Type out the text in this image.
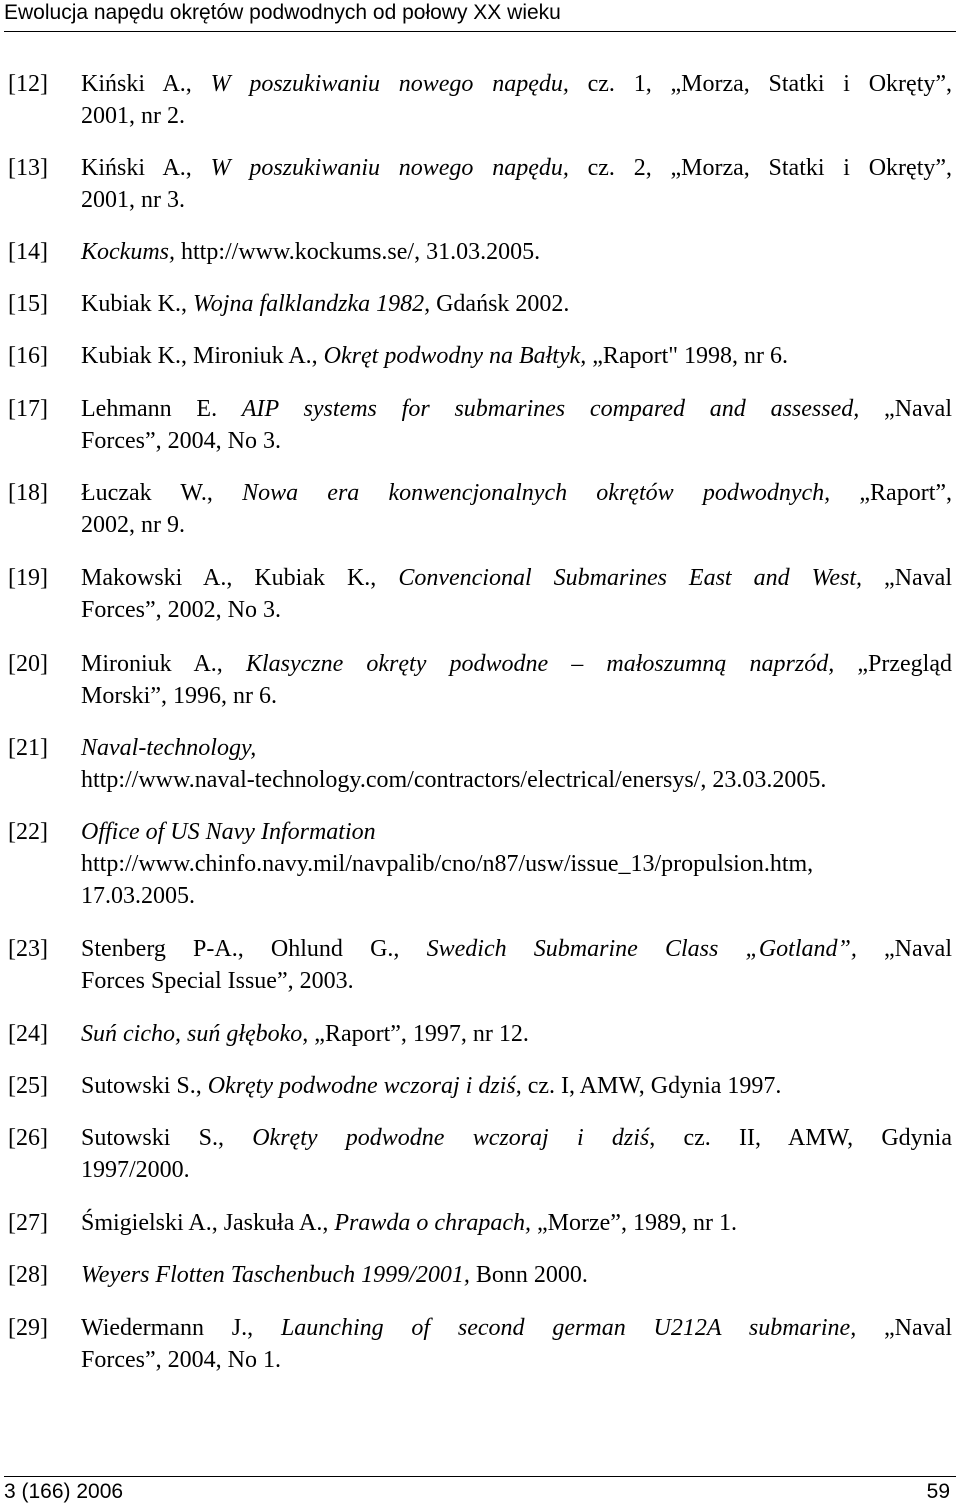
Ewolucja napędu okrętów podwodnych od połowy XX wieku
[12] Kiński A., W poszukiwaniu nowego napędu, cz. 1, „Morza, Statki i Okręty”,
2001, nr 2.
[13] Kiński A., W poszukiwaniu nowego napędu, cz. 2, „Morza, Statki i Okręty”,
2001, nr 3.
[14] Kockums, http://www.kockums.se/, 31.03.2005.
[15] Kubiak K., Wojna falklandzka 1982, Gdańsk 2002.
[16] Kubiak K., Mironiuk A., Okręt podwodny na Bałtyk, „Raport" 1998, nr 6.
[17] Lehmann E. AIP systems for submarines compared and assessed, „Naval
Forces”, 2004, No 3.
[18] Łuczak W., Nowa era konwencjonalnych okrętów podwodnych, „Raport”,
2002, nr 9.
[19] Makowski A., Kubiak K., Convencional Submarines East and West, „Naval
Forces”, 2002, No 3.
[20] Mironiuk A., Klasyczne okręty podwodne – małoszumną naprzód, „Przegląd
Morski”, 1996, nr 6.
[21] Naval-technology,
http://www.naval-technology.com/contractors/electrical/enersys/, 23.03.2005.
[22] Office of US Navy Information
http://www.chinfo.navy.mil/navpalib/cno/n87/usw/issue_13/propulsion.htm,
17.03.2005.
[23] Stenberg P-A., Ohlund G., Swedich Submarine Class „Gotland”, „Naval
Forces Special Issue”, 2003.
[24] Suń cicho, suń głęboko, „Raport”, 1997, nr 12.
[25] Sutowski S., Okręty podwodne wczoraj i dziś, cz. I, AMW, Gdynia 1997.
[26] Sutowski S., Okręty podwodne wczoraj i dziś, cz. II, AMW, Gdynia
1997/2000.
[27] Śmigielski A., Jaskuła A., Prawda o chrapach, „Morze”, 1989, nr 1.
[28] Weyers Flotten Taschenbuch 1999/2001, Bonn 2000.
[29] Wiedermann J., Launching of second german U212A submarine, „Naval
Forces”, 2004, No 1.
3 (166) 2006	59
